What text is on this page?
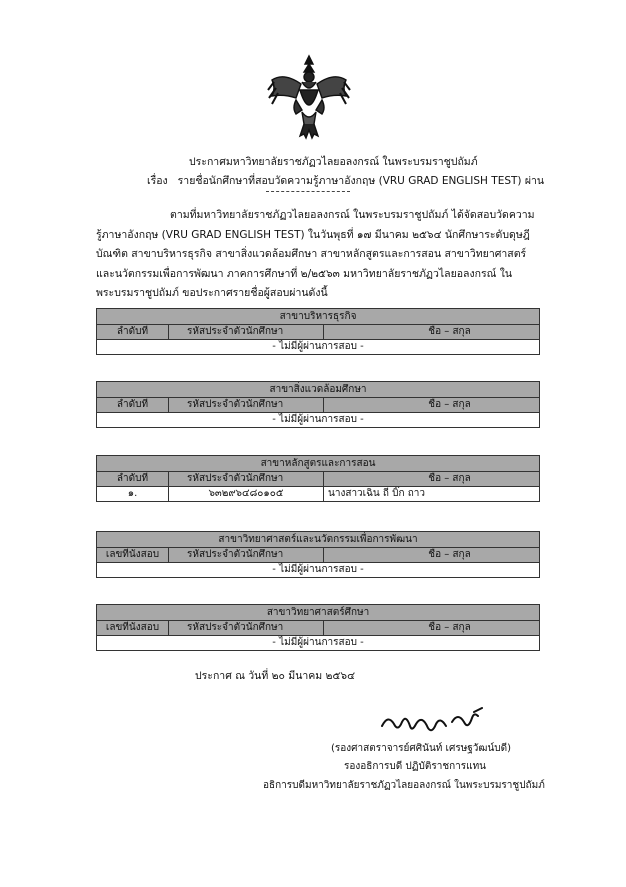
ประกาศมหาวิทยาลัยราชภัฏวไลยอลงกรณ์ ในพระบรมราชูปถัมภ์
เรื่อง รายชื่อนักศึกษาที่สอบวัดความรู้ภาษาอังกฤษ (VRU GRAD ENGLISH TEST) ผ่าน
ตามที่มหาวิทยาลัยราชภัฏวไลยอลงกรณ์ ในพระบรมราชูปถัมภ์ ได้จัดสอบวัดความรู้ภาษาอังกฤษ (VRU GRAD ENGLISH TEST) ในวันพุธที่ ๑๗ มีนาคม ๒๕๖๔ นักศึกษาระดับดุษฎีบัณฑิต สาขาบริหารธุรกิจ สาขาสิ่งแวดล้อมศึกษา สาขาหลักสูตรและการสอน สาขาวิทยาศาสตร์และนวัตกรรมเพื่อการพัฒนา ภาคการศึกษาที่ ๒/๒๕๖๓ มหาวิทยาลัยราชภัฏวไลยอลงกรณ์ ในพระบรมราชูปถัมภ์ ขอประกาศรายชื่อผู้สอบผ่านดังนี้
สาขาบริหารธุรกิจ
ลำดับที่	รหัสประจำตัวนักศึกษา	ชื่อ – สกุล
- ไม่มีผู้ผ่านการสอบ -
สาขาสิ่งแวดล้อมศึกษา
ลำดับที่	รหัสประจำตัวนักศึกษา	ชื่อ – สกุล
- ไม่มีผู้ผ่านการสอบ -
สาขาหลักสูตรและการสอน		
ลำดับที่	รหัสประจำตัวนักศึกษา	ชื่อ – สกุล
๑.	๖๓๒๙๖๔๘๐๑๐๕	นางสาวเฉิน ถี บิ๊ก ถาว
สาขาวิทยาศาสตร์และนวัตกรรมเพื่อการพัฒนา
เลขที่นั่งสอบ	รหัสประจำตัวนักศึกษา	ชื่อ – สกุล
- ไม่มีผู้ผ่านการสอบ -
สาขาวิทยาศาสตร์ศึกษา
เลขที่นั่งสอบ	รหัสประจำตัวนักศึกษา	ชื่อ – สกุล
- ไม่มีผู้ผ่านการสอบ -
ประกาศ ณ วันที่ ๒๐ มีนาคม ๒๕๖๔
(รองศาสตราจารย์ศศินันท์ เศรษฐวัฒน์บดี)
รองอธิการบดี ปฏิบัติราชการแทน
อธิการบดีมหาวิทยาลัยราชภัฏวไลยอลงกรณ์ ในพระบรมราชูปถัมภ์
